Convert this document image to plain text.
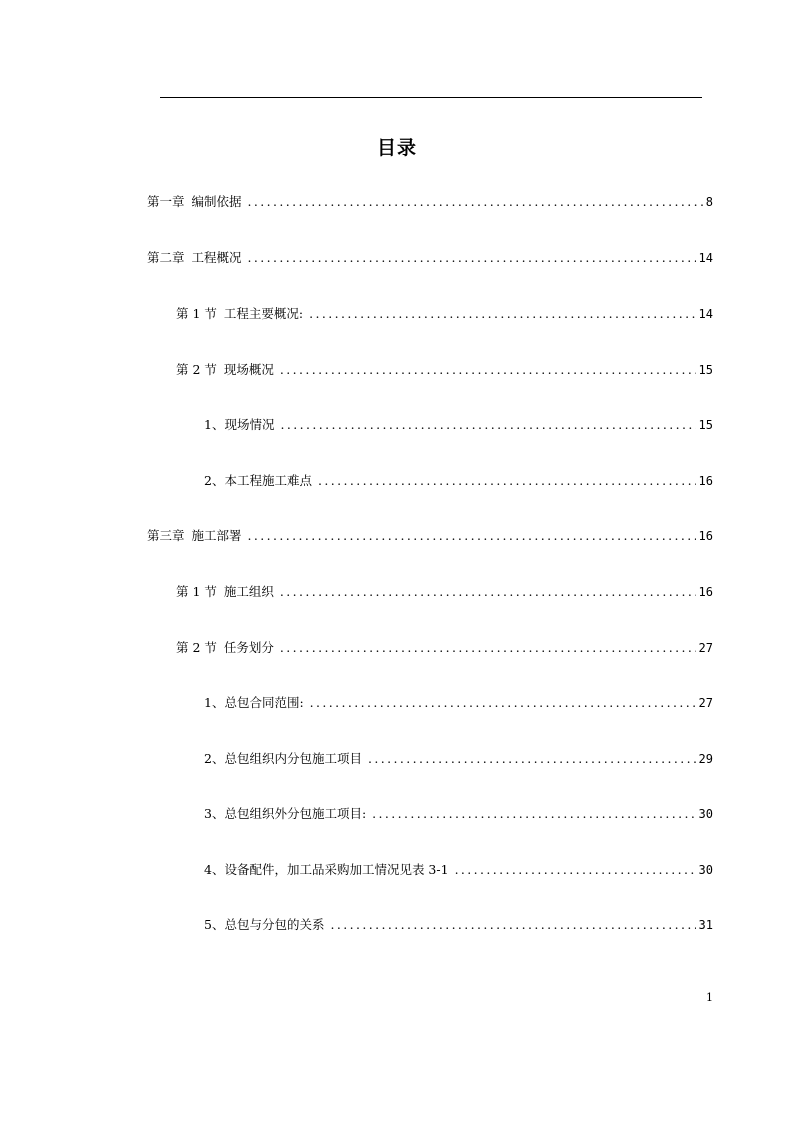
目录
第一章 编制依据 .....	8
第二章 工程概况 .....	14
第 1 节 工程主要概况: .....	14
第 2 节 现场概况 .....	15
1、 现场情况 .....	15
2、 本工程施工难点 .....	16
第三章 施工部署 .....	16
第 1 节 施工组织 .....	16
第 2 节 任务划分 .....	27
1、 总包合同范围: .....	27
2、 总包组织内分包施工项目 .....	29
3、 总包组织外分包施工项目: .....	30
4、 设备配件，加工品采购加工情况见表 3-1 .....	30
5、 总包与分包的关系 .....	31
1
